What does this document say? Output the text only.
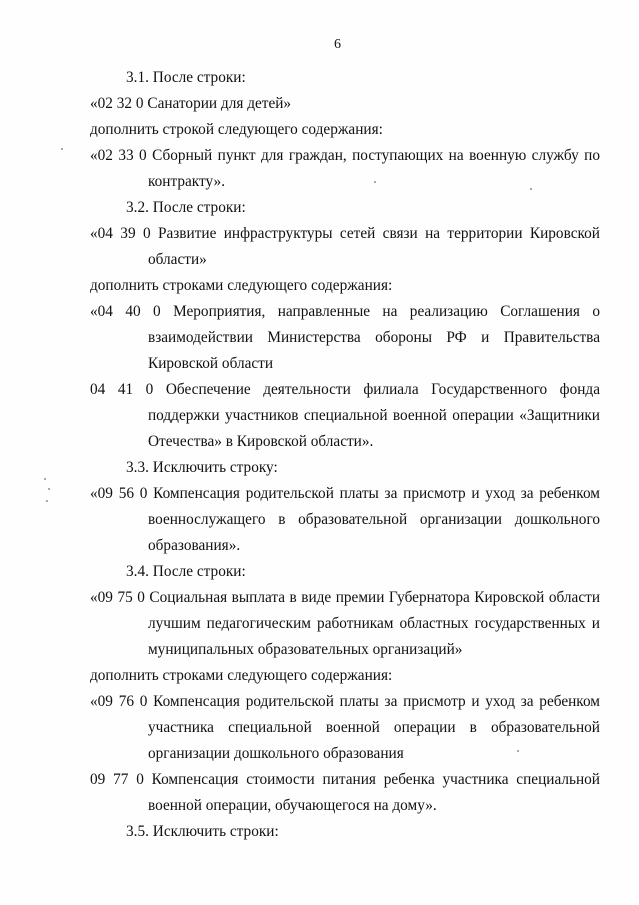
6
3.1. После строки:
«02 32 0 Санатории для детей»
дополнить строкой следующего содержания:
«02 33 0 Сборный пункт для граждан, поступающих на военную службу по
контракту».
3.2. После строки:
«04 39 0 Развитие инфраструктуры сетей связи на территории Кировской
области»
дополнить строками следующего содержания:
«04 40 0 Мероприятия, направленные на реализацию Соглашения о
взаимодействии Министерства обороны РФ и Правительства
Кировской области
04 41 0 Обеспечение деятельности филиала Государственного фонда
поддержки участников специальной военной операции «Защитники
Отечества» в Кировской области».
3.3. Исключить строку:
«09 56 0 Компенсация родительской платы за присмотр и уход за ребенком
военнослужащего в образовательной организации дошкольного
образования».
3.4. После строки:
«09 75 0 Социальная выплата в виде премии Губернатора Кировской области
лучшим педагогическим работникам областных государственных и
муниципальных образовательных организаций»
дополнить строками следующего содержания:
«09 76 0 Компенсация родительской платы за присмотр и уход за ребенком
участника специальной военной операции в образовательной
организации дошкольного образования
09 77 0 Компенсация стоимости питания ребенка участника специальной
военной операции, обучающегося на дому».
3.5. Исключить строки:
